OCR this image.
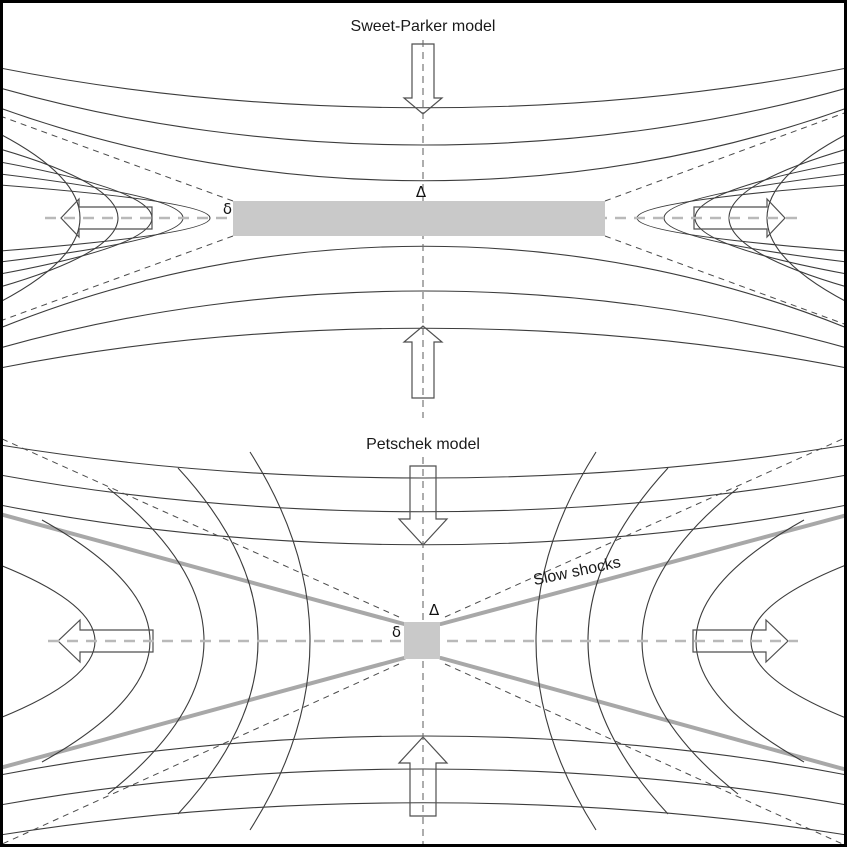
Sweet-Parker model
Δ
δ
Petschek model
Δ
δ
Slow shocks
